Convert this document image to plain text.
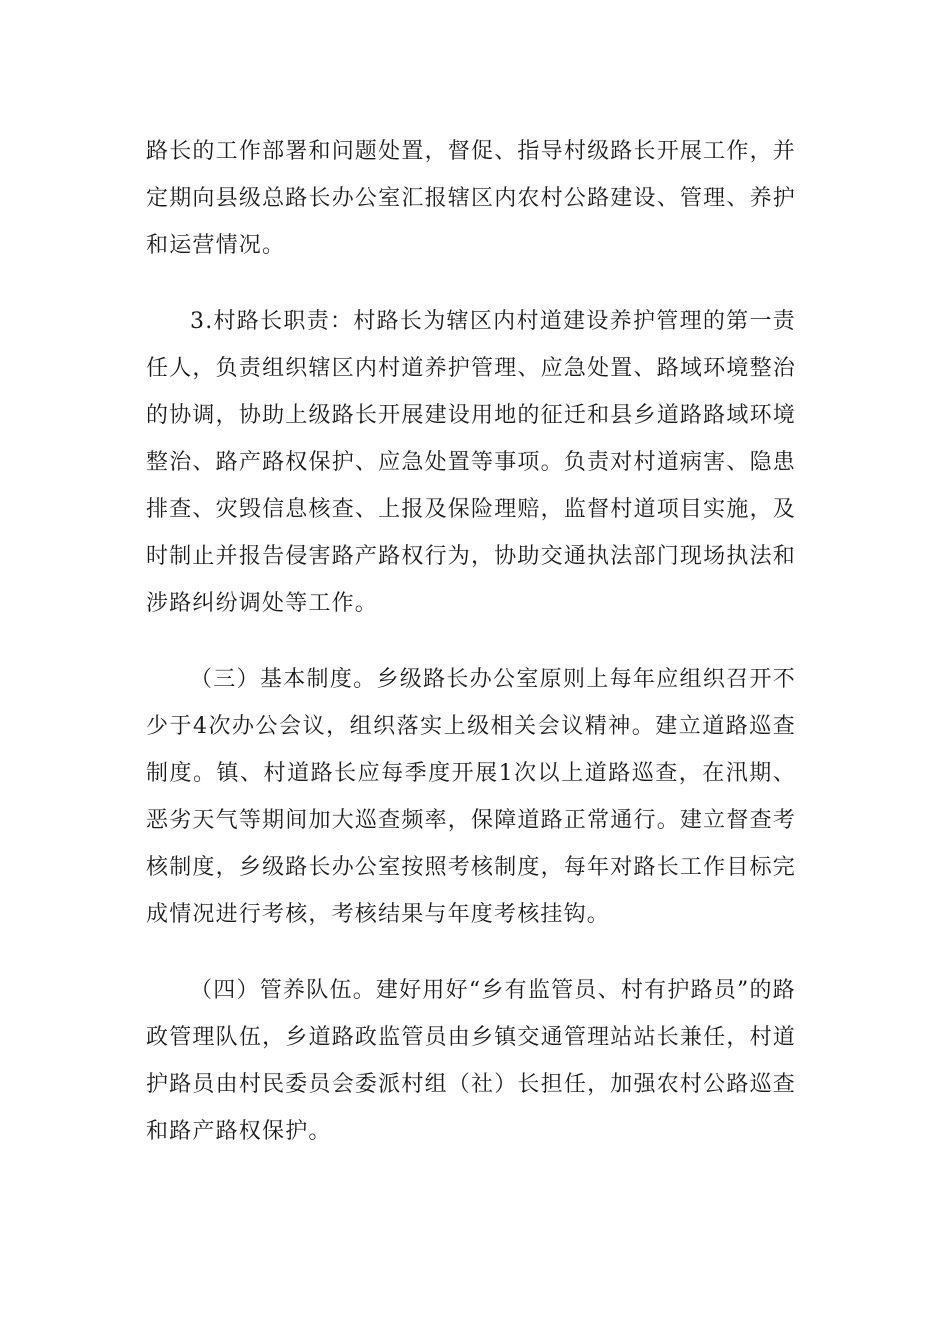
路长的工作部署和问题处置，督促、指导村级路长开展工作，并定期向县级总路长办公室汇报辖区内农村公路建设、管理、养护和运营情况。

3.村路长职责：村路长为辖区内村道建设养护管理的第一责任人，负责组织辖区内村道养护管理、应急处置、路域环境整治的协调，协助上级路长开展建设用地的征迁和县乡道路路域环境整治、路产路权保护、应急处置等事项。负责对村道病害、隐患排查、灾毁信息核查、上报及保险理赔，监督村道项目实施，及时制止并报告侵害路产路权行为，协助交通执法部门现场执法和涉路纠纷调处等工作。

（三）基本制度。乡级路长办公室原则上每年应组织召开不少于4次办公会议，组织落实上级相关会议精神。建立道路巡查制度。镇、村道路长应每季度开展1次以上道路巡查，在汛期、恶劣天气等期间加大巡查频率，保障道路正常通行。建立督查考核制度，乡级路长办公室按照考核制度，每年对路长工作目标完成情况进行考核，考核结果与年度考核挂钩。

（四）管养队伍。建好用好“乡有监管员、村有护路员”的路政管理队伍，乡道路政监管员由乡镇交通管理站站长兼任，村道护路员由村民委员会委派村组（社）长担任，加强农村公路巡查和路产路权保护。
